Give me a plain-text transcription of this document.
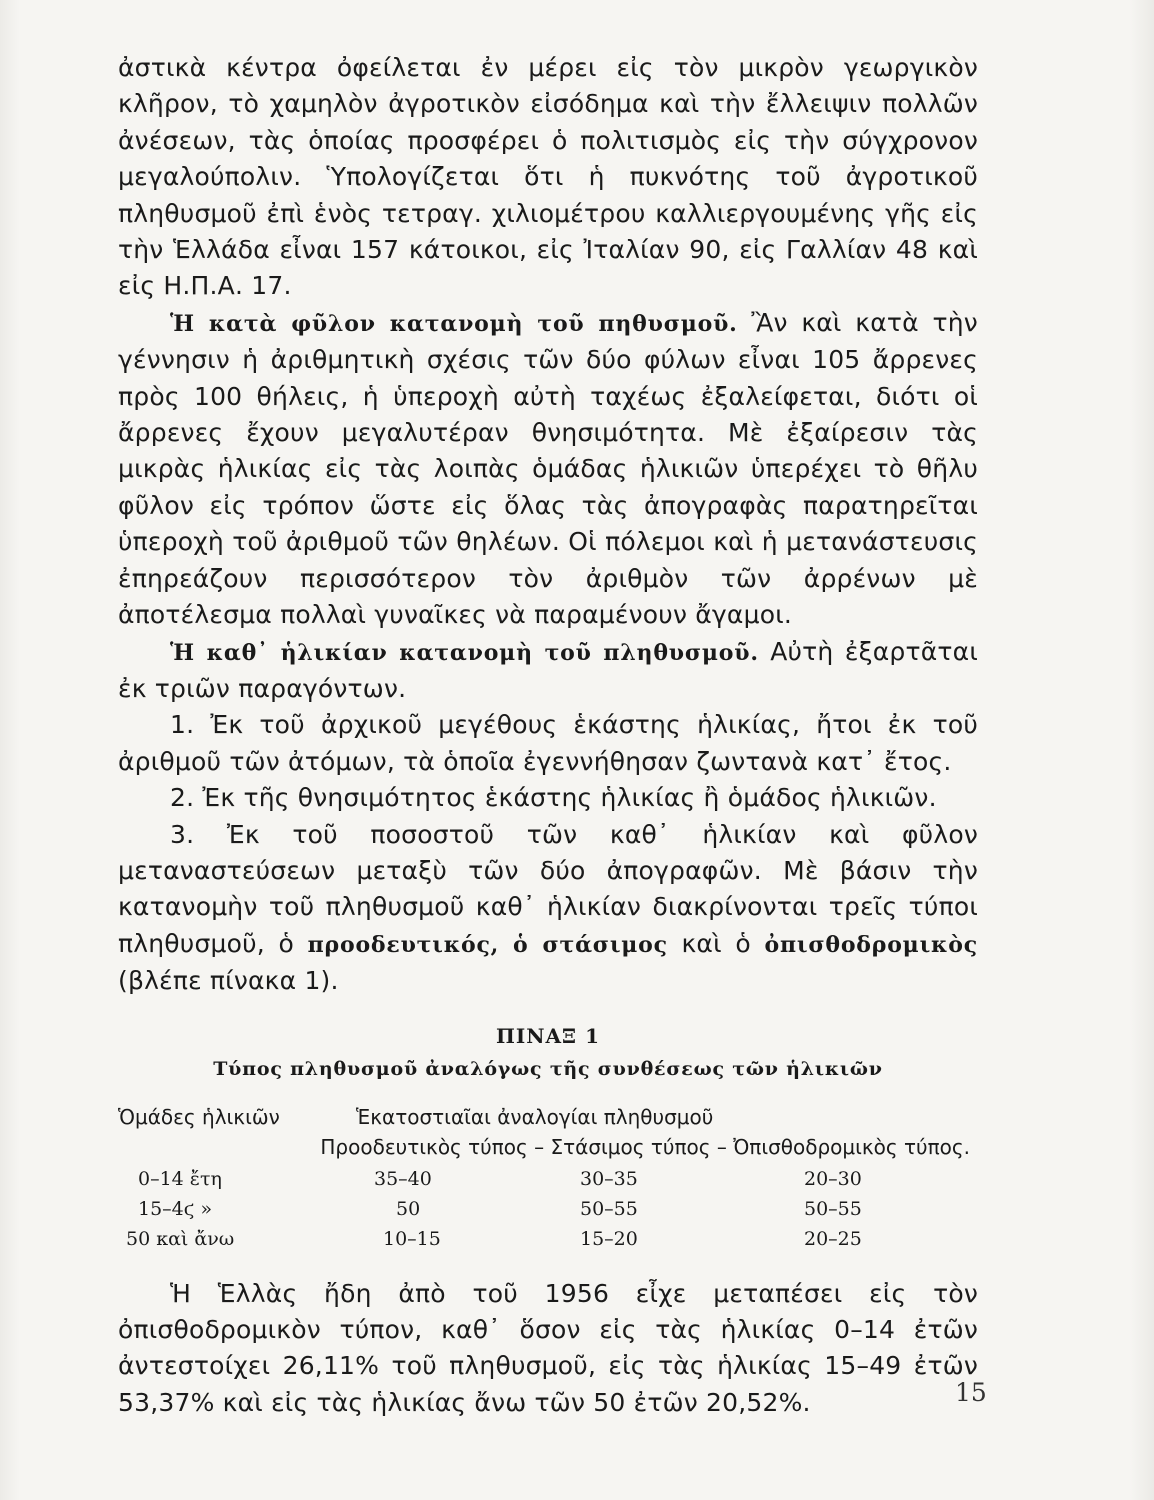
ἀστικὰ κέντρα ὀφείλεται ἐν μέρει εἰς τὸν μικρὸν γεωργικὸν κλῆρον, τὸ χαμηλὸν ἀγροτικὸν εἰσόδημα καὶ τὴν ἔλλειψιν πολλῶν ἀνέσεων, τὰς ὁποίας προσφέρει ὁ πολιτισμὸς εἰς τὴν σύγχρονον μεγαλούπολιν. Ὑπολογίζεται ὅτι ἡ πυκνότης τοῦ ἀγροτικοῦ πληθυσμοῦ ἐπὶ ἑνὸς τετραγ. χιλιομέτρου καλλιεργουμένης γῆς εἰς τὴν Ἑλλάδα εἶναι 157 κάτοικοι, εἰς Ἰταλίαν 90, εἰς Γαλλίαν 48 καὶ εἰς Η.Π.Α. 17.

Ἡ κατὰ φῦλον κατανομὴ τοῦ πηθυσμοῦ. Ἂν καὶ κατὰ τὴν γέννησιν ἡ ἀριθμητικὴ σχέσις τῶν δύο φύλων εἶναι 105 ἄρρενες πρὸς 100 θήλεις, ἡ ὑπεροχὴ αὐτὴ ταχέως ἐξαλείφεται, διότι οἱ ἄρρενες ἔχουν μεγαλυτέραν θνησιμότητα. Μὲ ἐξαίρεσιν τὰς μικρὰς ἡλικίας εἰς τὰς λοιπὰς ὁμάδας ἡλικιῶν ὑπερέχει τὸ θῆλυ φῦλον εἰς τρόπον ὥστε εἰς ὅλας τὰς ἀπογραφὰς παρατηρεῖται ὑπεροχὴ τοῦ ἀριθμοῦ τῶν θηλέων. Οἱ πόλεμοι καὶ ἡ μετανάστευσις ἐπηρεάζουν περισσότερον τὸν ἀριθμὸν τῶν ἀρρένων μὲ ἀποτέλεσμα πολλαὶ γυναῖκες νὰ παραμένουν ἄγαμοι.

Ἡ καθ᾿ ἡλικίαν κατανομὴ τοῦ πληθυσμοῦ. Αὐτὴ ἐξαρτᾶται ἐκ τριῶν παραγόντων.

1. Ἐκ τοῦ ἀρχικοῦ μεγέθους ἑκάστης ἡλικίας, ἤτοι ἐκ τοῦ ἀριθμοῦ τῶν ἀτόμων, τὰ ὁποῖα ἐγεννήθησαν ζωντανὰ κατ᾿ ἔτος.

2. Ἐκ τῆς θνησιμότητος ἑκάστης ἡλικίας ἢ ὁμάδος ἡλικιῶν.

3. Ἐκ τοῦ ποσοστοῦ τῶν καθ᾿ ἡλικίαν καὶ φῦλον μεταναστεύσεων μεταξὺ τῶν δύο ἀπογραφῶν. Μὲ βάσιν τὴν κατανομὴν τοῦ πληθυσμοῦ καθ᾿ ἡλικίαν διακρίνονται τρεῖς τύποι πληθυσμοῦ, ὁ προοδευτικός, ὁ στάσιμος καὶ ὁ ὀπισθοδρομικὸς (βλέπε πίνακα 1).

ΠΙΝΑΞ 1
Τύπος πληθυσμοῦ ἀναλόγως τῆς συνθέσεως τῶν ἡλικιῶν
Ὁμάδες ἡλικιῶν	Ἑκατοστιαῖαι ἀναλογίαι πληθυσμοῦ
Προοδευτικὸς τύπος – Στάσιμος τύπος – Ὀπισθοδρομικὸς τύπος.
0–14 ἔτη	35–40	30–35	20–30
15–4ϛ »	50	50–55	50–55
50 καὶ ἄνω	10–15	15–20	20–25

Ἡ Ἑλλὰς ἤδη ἀπὸ τοῦ 1956 εἶχε μεταπέσει εἰς τὸν ὀπισθοδρομικὸν τύπον, καθ᾿ ὅσον εἰς τὰς ἡλικίας 0–14 ἐτῶν ἀντεστοίχει 26,11% τοῦ πληθυσμοῦ, εἰς τὰς ἡλικίας 15–49 ἐτῶν 53,37% καὶ εἰς τὰς ἡλικίας ἄνω τῶν 50 ἐτῶν 20,52%.	15
